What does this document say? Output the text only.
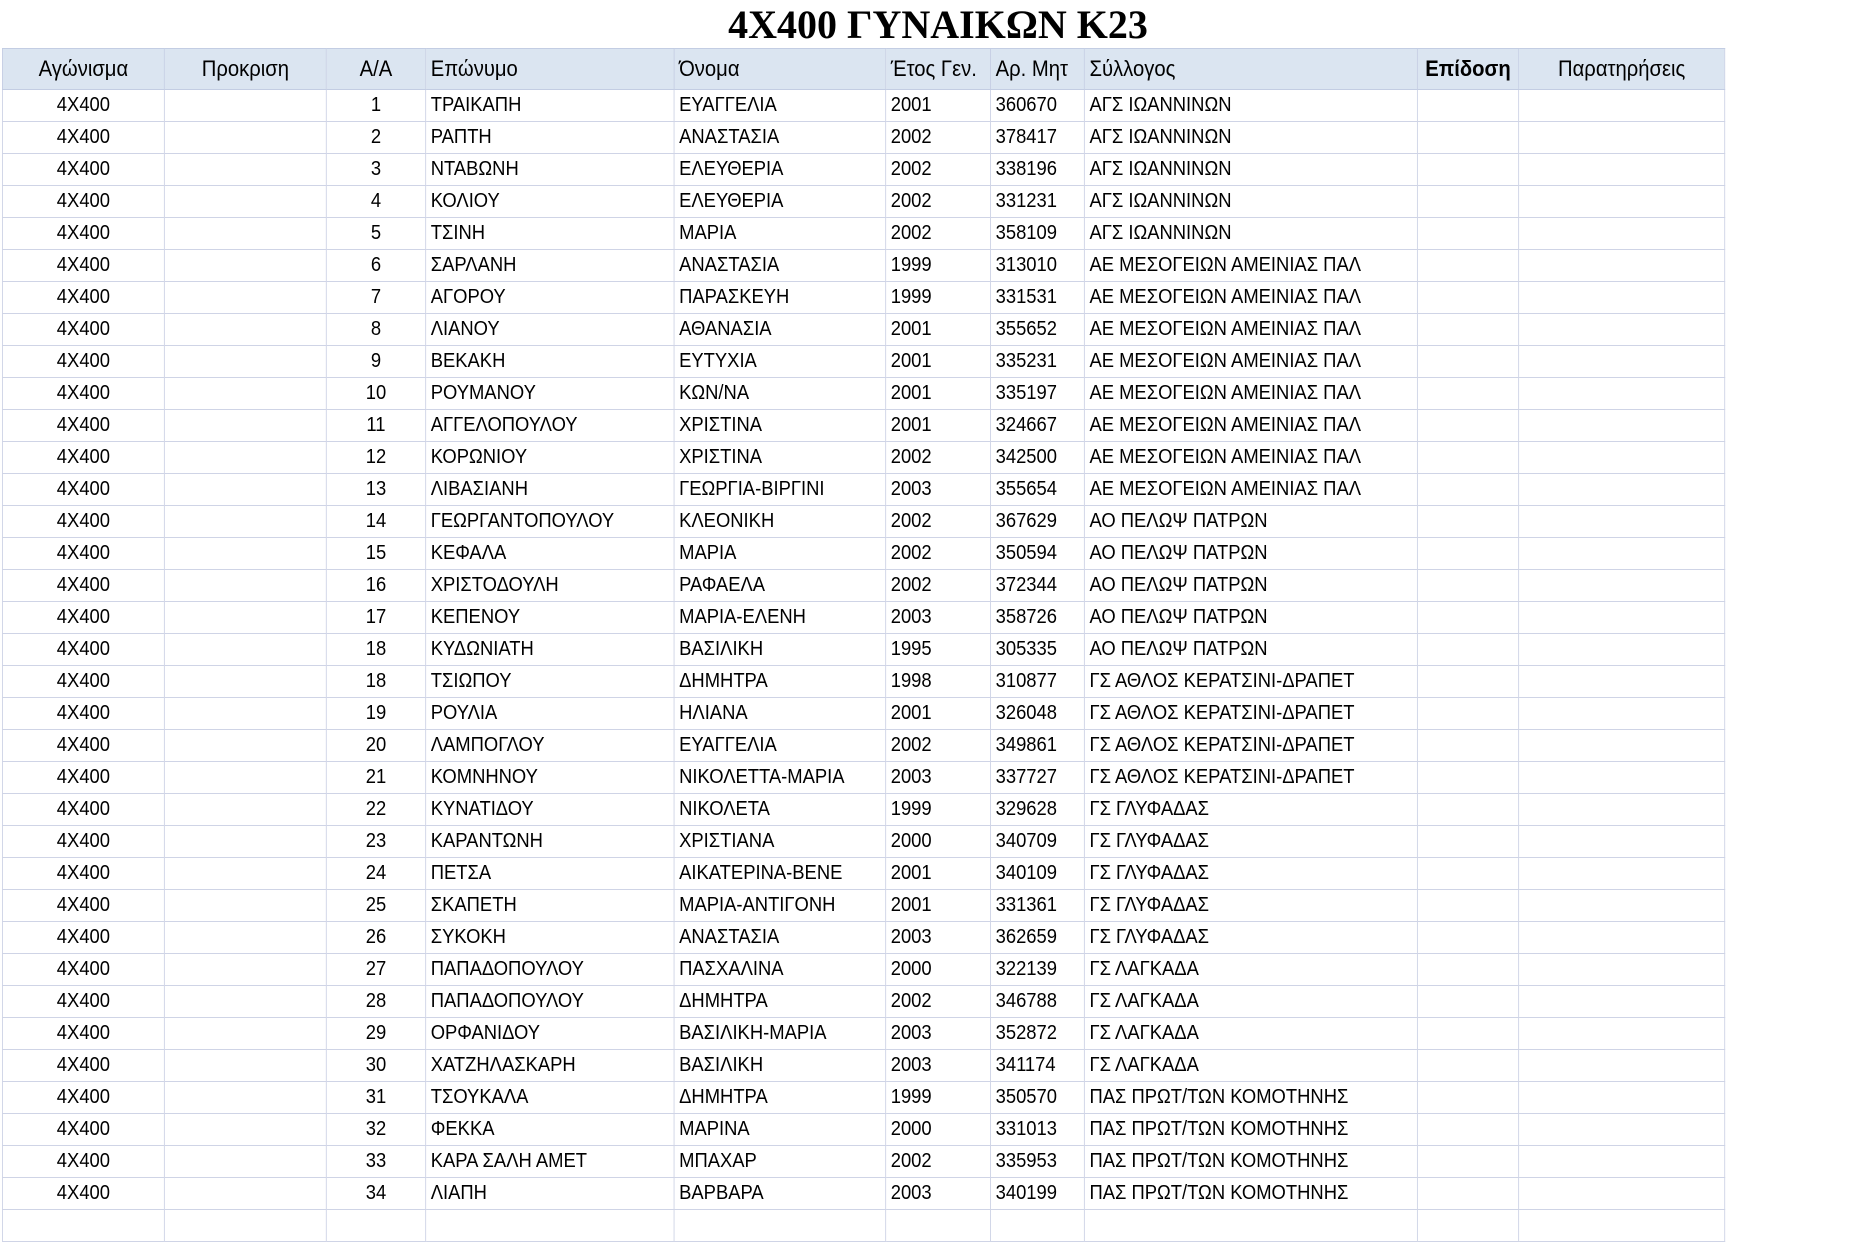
4Χ400 ΓΥΝΑΙΚΩΝ Κ23
Αγώνισμα	Προκριση	Α/Α	Επώνυμο	Όνομα	Έτος Γεν.	Αρ. Μητ	Σύλλογος	Επίδοση	Παρατηρήσεις
4Χ400		1	ΤΡΑΙΚΑΠΗ	ΕΥΑΓΓΕΛΙΑ	2001	360670	ΑΓΣ ΙΩΑΝΝΙΝΩΝ		
4Χ400		2	ΡΑΠΤΗ	ΑΝΑΣΤΑΣΙΑ	2002	378417	ΑΓΣ ΙΩΑΝΝΙΝΩΝ		
4Χ400		3	ΝΤΑΒΩΝΗ	ΕΛΕΥΘΕΡΙΑ	2002	338196	ΑΓΣ ΙΩΑΝΝΙΝΩΝ		
4Χ400		4	ΚΟΛΙΟΥ	ΕΛΕΥΘΕΡΙΑ	2002	331231	ΑΓΣ ΙΩΑΝΝΙΝΩΝ		
4Χ400		5	ΤΣΙΝΗ	ΜΑΡΙΑ	2002	358109	ΑΓΣ ΙΩΑΝΝΙΝΩΝ		
4Χ400		6	ΣΑΡΛΑΝΗ	ΑΝΑΣΤΑΣΙΑ	1999	313010	ΑΕ ΜΕΣΟΓΕΙΩΝ ΑΜΕΙΝΙΑΣ ΠΑΛ		
4Χ400		7	ΑΓΟΡΟΥ	ΠΑΡΑΣΚΕΥΗ	1999	331531	ΑΕ ΜΕΣΟΓΕΙΩΝ ΑΜΕΙΝΙΑΣ ΠΑΛ		
4Χ400		8	ΛΙΑΝΟΥ	ΑΘΑΝΑΣΙΑ	2001	355652	ΑΕ ΜΕΣΟΓΕΙΩΝ ΑΜΕΙΝΙΑΣ ΠΑΛ		
4Χ400		9	ΒΕΚΑΚΗ	ΕΥΤΥΧΙΑ	2001	335231	ΑΕ ΜΕΣΟΓΕΙΩΝ ΑΜΕΙΝΙΑΣ ΠΑΛ		
4Χ400		10	ΡΟΥΜΑΝΟΥ	ΚΩΝ/ΝΑ	2001	335197	ΑΕ ΜΕΣΟΓΕΙΩΝ ΑΜΕΙΝΙΑΣ ΠΑΛ		
4Χ400		11	ΑΓΓΕΛΟΠΟΥΛΟΥ	ΧΡΙΣΤΙΝΑ	2001	324667	ΑΕ ΜΕΣΟΓΕΙΩΝ ΑΜΕΙΝΙΑΣ ΠΑΛ		
4Χ400		12	ΚΟΡΩΝΙΟΥ	ΧΡΙΣΤΙΝΑ	2002	342500	ΑΕ ΜΕΣΟΓΕΙΩΝ ΑΜΕΙΝΙΑΣ ΠΑΛ		
4Χ400		13	ΛΙΒΑΣΙΑΝΗ	ΓΕΩΡΓΙΑ-ΒΙΡΓΙΝΙ	2003	355654	ΑΕ ΜΕΣΟΓΕΙΩΝ ΑΜΕΙΝΙΑΣ ΠΑΛ		
4Χ400		14	ΓΕΩΡΓΑΝΤΟΠΟΥΛΟΥ	ΚΛΕΟΝΙΚΗ	2002	367629	ΑΟ ΠΕΛΩΨ ΠΑΤΡΩΝ		
4Χ400		15	ΚΕΦΑΛΑ	ΜΑΡΙΑ	2002	350594	ΑΟ ΠΕΛΩΨ ΠΑΤΡΩΝ		
4Χ400		16	ΧΡΙΣΤΟΔΟΥΛΗ	ΡΑΦΑΕΛΑ	2002	372344	ΑΟ ΠΕΛΩΨ ΠΑΤΡΩΝ		
4Χ400		17	ΚΕΠΕΝΟΥ	ΜΑΡΙΑ-ΕΛΕΝΗ	2003	358726	ΑΟ ΠΕΛΩΨ ΠΑΤΡΩΝ		
4Χ400		18	ΚΥΔΩΝΙΑΤΗ	ΒΑΣΙΛΙΚΗ	1995	305335	ΑΟ ΠΕΛΩΨ ΠΑΤΡΩΝ		
4Χ400		18	ΤΣΙΩΠΟΥ	ΔΗΜΗΤΡΑ	1998	310877	ΓΣ ΑΘΛΟΣ ΚΕΡΑΤΣΙΝΙ-ΔΡΑΠΕΤ		
4Χ400		19	ΡΟΥΛΙΑ	ΗΛΙΑΝΑ	2001	326048	ΓΣ ΑΘΛΟΣ ΚΕΡΑΤΣΙΝΙ-ΔΡΑΠΕΤ		
4Χ400		20	ΛΑΜΠΟΓΛΟΥ	ΕΥΑΓΓΕΛΙΑ	2002	349861	ΓΣ ΑΘΛΟΣ ΚΕΡΑΤΣΙΝΙ-ΔΡΑΠΕΤ		
4Χ400		21	ΚΟΜΝΗΝΟΥ	ΝΙΚΟΛΕΤΤΑ-ΜΑΡΙΑ	2003	337727	ΓΣ ΑΘΛΟΣ ΚΕΡΑΤΣΙΝΙ-ΔΡΑΠΕΤ		
4Χ400		22	ΚΥΝΑΤΙΔΟΥ	ΝΙΚΟΛΕΤΑ	1999	329628	ΓΣ ΓΛΥΦΑΔΑΣ		
4Χ400		23	ΚΑΡΑΝΤΩΝΗ	ΧΡΙΣΤΙΑΝΑ	2000	340709	ΓΣ ΓΛΥΦΑΔΑΣ		
4Χ400		24	ΠΕΤΣΑ	ΑΙΚΑΤΕΡΙΝΑ-ΒΕΝΕ	2001	340109	ΓΣ ΓΛΥΦΑΔΑΣ		
4Χ400		25	ΣΚΑΠΕΤΗ	ΜΑΡΙΑ-ΑΝΤΙΓΟΝΗ	2001	331361	ΓΣ ΓΛΥΦΑΔΑΣ		
4Χ400		26	ΣΥΚΟΚΗ	ΑΝΑΣΤΑΣΙΑ	2003	362659	ΓΣ ΓΛΥΦΑΔΑΣ		
4Χ400		27	ΠΑΠΑΔΟΠΟΥΛΟΥ	ΠΑΣΧΑΛΙΝΑ	2000	322139	ΓΣ ΛΑΓΚΑΔΑ		
4Χ400		28	ΠΑΠΑΔΟΠΟΥΛΟΥ	ΔΗΜΗΤΡΑ	2002	346788	ΓΣ ΛΑΓΚΑΔΑ		
4Χ400		29	ΟΡΦΑΝΙΔΟΥ	ΒΑΣΙΛΙΚΗ-ΜΑΡΙΑ	2003	352872	ΓΣ ΛΑΓΚΑΔΑ		
4Χ400		30	ΧΑΤΖΗΛΑΣΚΑΡΗ	ΒΑΣΙΛΙΚΗ	2003	341174	ΓΣ ΛΑΓΚΑΔΑ		
4Χ400		31	ΤΣΟΥΚΑΛΑ	ΔΗΜΗΤΡΑ	1999	350570	ΠΑΣ ΠΡΩΤ/ΤΩΝ ΚΟΜΟΤΗΝΗΣ		
4Χ400		32	ΦΕΚΚΑ	ΜΑΡΙΝΑ	2000	331013	ΠΑΣ ΠΡΩΤ/ΤΩΝ ΚΟΜΟΤΗΝΗΣ		
4Χ400		33	ΚΑΡΑ ΣΑΛΗ ΑΜΕΤ	ΜΠΑΧΑΡ	2002	335953	ΠΑΣ ΠΡΩΤ/ΤΩΝ ΚΟΜΟΤΗΝΗΣ		
4Χ400		34	ΛΙΑΠΗ	ΒΑΡΒΑΡΑ	2003	340199	ΠΑΣ ΠΡΩΤ/ΤΩΝ ΚΟΜΟΤΗΝΗΣ		
